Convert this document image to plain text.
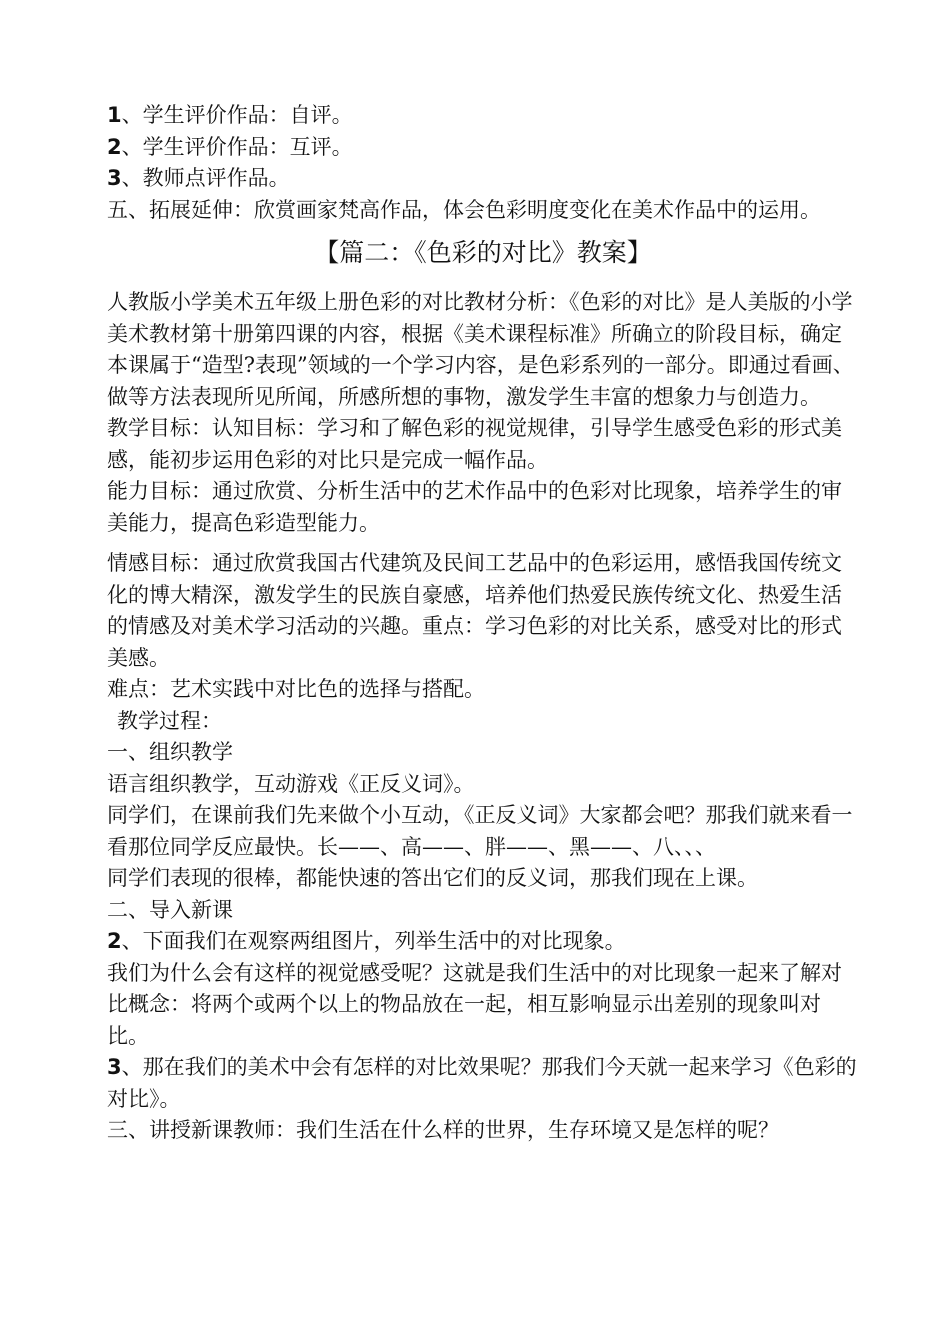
1、学生评价作品：自评。

2、学生评价作品：互评。

3、教师点评作品。

五、拓展延伸：欣赏画家梵高作品，体会色彩明度变化在美术作品中的运用。

【篇二：《色彩的对比》教案】

人教版小学美术五年级上册色彩的对比教材分析：《色彩的对比》是人美版的小学美术教材第十册第四课的内容，根据《美术课程标准》所确立的阶段目标，确定本课属于“造型?表现”领域的一个学习内容，是色彩系列的一部分。即通过看画、做等方法表现所见所闻，所感所想的事物，激发学生丰富的想象力与创造力。

教学目标：认知目标：学习和了解色彩的视觉规律，引导学生感受色彩的形式美感，能初步运用色彩的对比只是完成一幅作品。

能力目标：通过欣赏、分析生活中的艺术作品中的色彩对比现象，培养学生的审美能力，提高色彩造型能力。

情感目标：通过欣赏我国古代建筑及民间工艺品中的色彩运用，感悟我国传统文化的博大精深，激发学生的民族自豪感，培养他们热爱民族传统文化、热爱生活的情感及对美术学习活动的兴趣。重点：学习色彩的对比关系，感受对比的形式美感。

难点：艺术实践中对比色的选择与搭配。

教学过程：

一、组织教学

语言组织教学，互动游戏《正反义词》。

同学们，在课前我们先来做个小互动，《正反义词》大家都会吧？那我们就来看一看那位同学反应最快。长——、高——、胖——、黑——、八、、、

同学们表现的很棒，都能快速的答出它们的反义词，那我们现在上课。

二、导入新课

2、下面我们在观察两组图片，列举生活中的对比现象。

我们为什么会有这样的视觉感受呢？这就是我们生活中的对比现象一起来了解对比概念：将两个或两个以上的物品放在一起，相互影响显示出差别的现象叫对比。

3、那在我们的美术中会有怎样的对比效果呢？那我们今天就一起来学习《色彩的对比》。

三、讲授新课教师：我们生活在什么样的世界，生存环境又是怎样的呢？
